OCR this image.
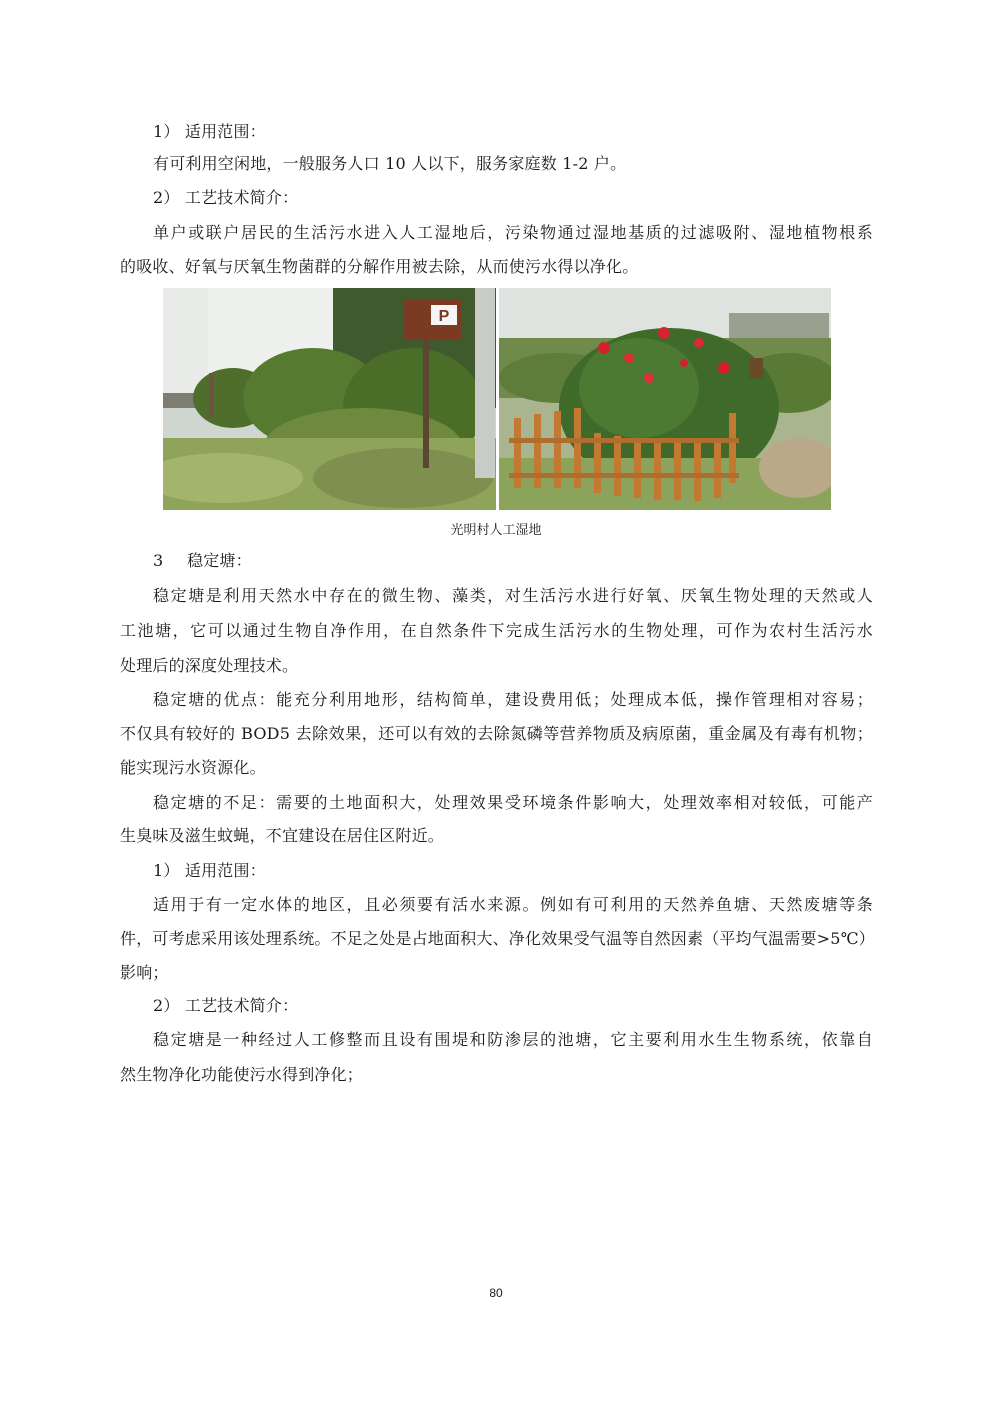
1） 适用范围：
有可利用空闲地，一般服务人口 10 人以下，服务家庭数 1-2 户。
2） 工艺技术简介：
单户或联户居民的生活污水进入人工湿地后，污染物通过湿地基质的过滤吸附、湿地植物根系
的吸收、好氧与厌氧生物菌群的分解作用被去除，从而使污水得以净化。
P
光明村人工湿地
3 稳定塘：
稳定塘是利用天然水中存在的微生物、藻类，对生活污水进行好氧、厌氧生物处理的天然或人
工池塘，它可以通过生物自净作用，在自然条件下完成生活污水的生物处理，可作为农村生活污水
处理后的深度处理技术。
稳定塘的优点：能充分利用地形，结构简单，建设费用低；处理成本低，操作管理相对容易；
不仅具有较好的 BOD5 去除效果，还可以有效的去除氮磷等营养物质及病原菌，重金属及有毒有机物；
能实现污水资源化。
稳定塘的不足：需要的土地面积大，处理效果受环境条件影响大，处理效率相对较低，可能产
生臭味及滋生蚊蝇，不宜建设在居住区附近。
1） 适用范围：
适用于有一定水体的地区，且必须要有活水来源。例如有可利用的天然养鱼塘、天然废塘等条
件，可考虑采用该处理系统。不足之处是占地面积大、净化效果受气温等自然因素（平均气温需要>5℃）
影响；
2） 工艺技术简介：
稳定塘是一种经过人工修整而且设有围堤和防渗层的池塘，它主要利用水生生物系统，依靠自
然生物净化功能使污水得到净化；
80
